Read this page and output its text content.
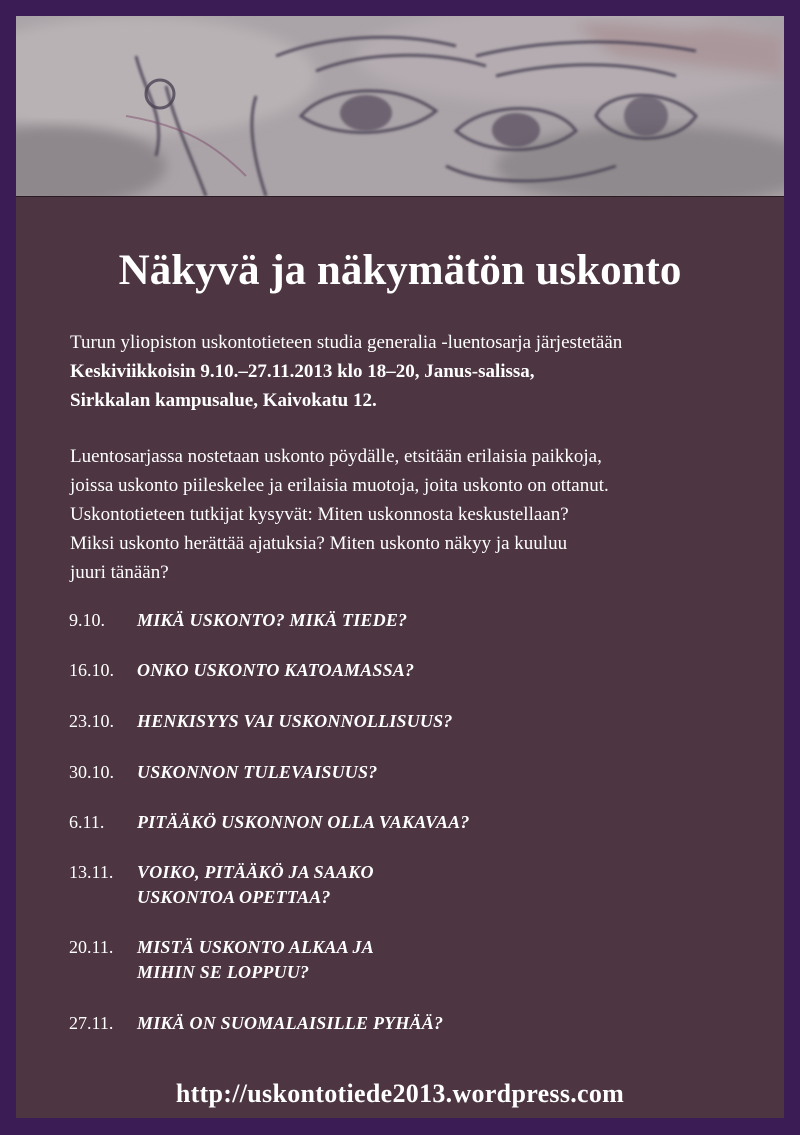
Näkyvä ja näkymätön uskonto
Turun yliopiston uskontotieteen studia generalia -luentosarja järjestetään
Keskiviikkoisin 9.10.–27.11.2013 klo 18–20, Janus-salissa,
Sirkkalan kampusalue, Kaivokatu 12.
Luentosarjassa nostetaan uskonto pöydälle, etsitään erilaisia paikkoja,
joissa uskonto piileskelee ja erilaisia muotoja, joita uskonto on ottanut.
Uskontotieteen tutkijat kysyvät: Miten uskonnosta keskustellaan?
Miksi uskonto herättää ajatuksia? Miten uskonto näkyy ja kuuluu
juuri tänään?
9.10.	MIKÄ USKONTO? MIKÄ TIEDE?
16.10.	ONKO USKONTO KATOAMASSA?
23.10.	HENKISYYS VAI USKONNOLLISUUS?
30.10.	USKONNON TULEVAISUUS?
6.11.	PITÄÄKÖ USKONNON OLLA VAKAVAA?
13.11.	VOIKO, PITÄÄKÖ JA SAAKO
USKONTOA OPETTAA?
20.11.	MISTÄ USKONTO ALKAA JA
MIHIN SE LOPPUU?
27.11.	MIKÄ ON SUOMALAISILLE PYHÄÄ?
http://uskontotiede2013.wordpress.com
